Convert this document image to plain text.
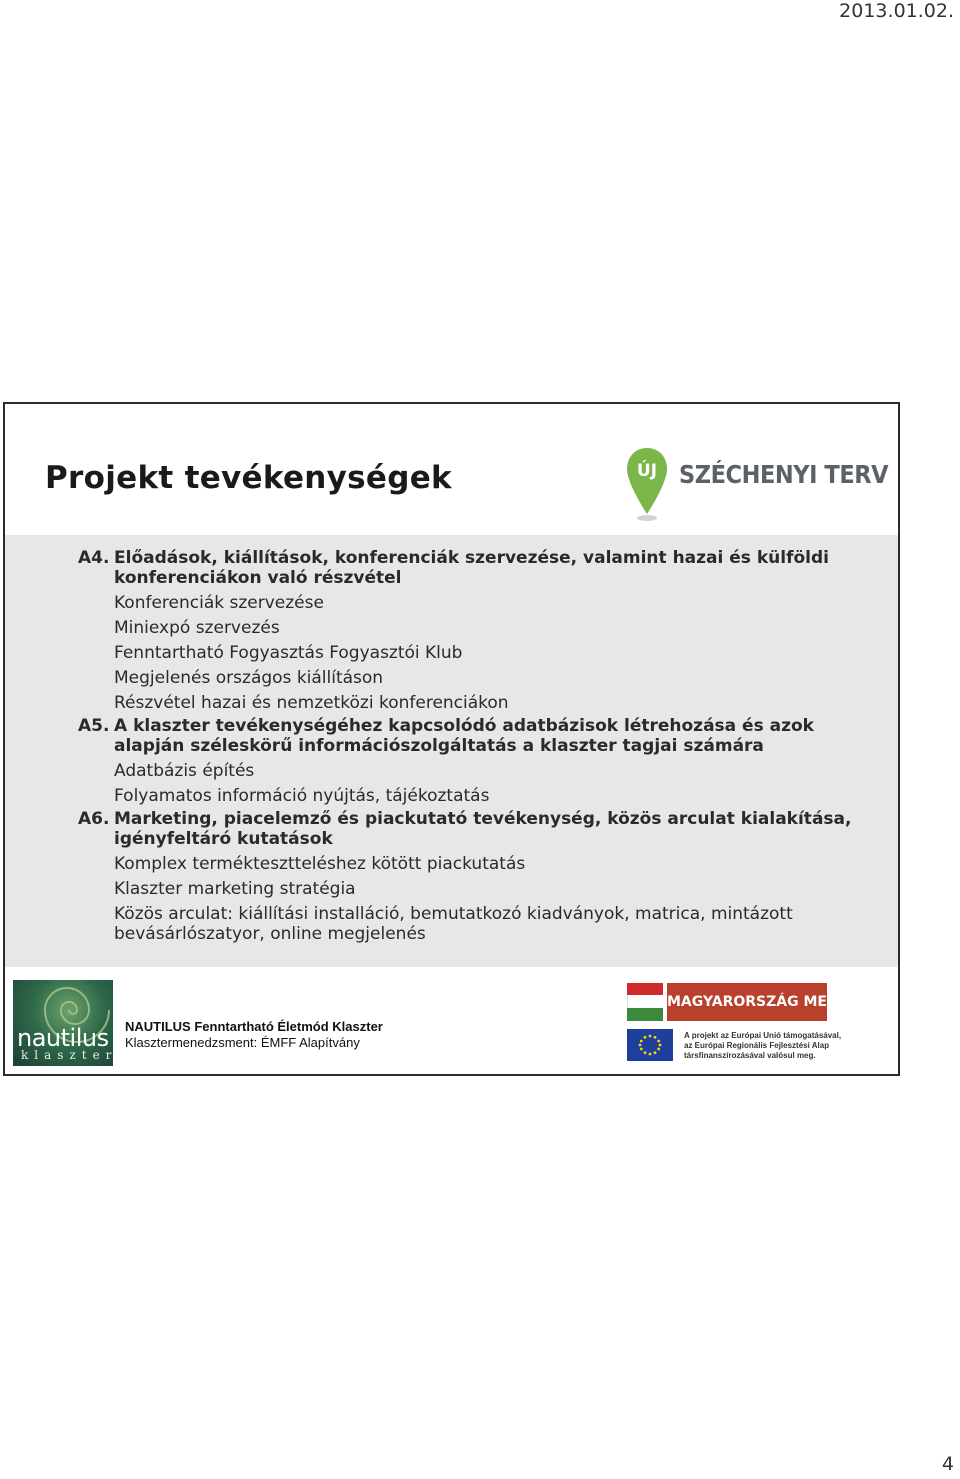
2013.01.02.
Projekt tevékenységek	ÚJ SZÉCHENYI TERV
A4. Előadások, kiállítások, konferenciák szervezése, valamint hazai és külföldi konferenciákon való részvétel
Konferenciák szervezése
Miniexpó szervezés
Fenntartható Fogyasztás Fogyasztói Klub
Megjelenés országos kiállításon
Részvétel hazai és nemzetközi konferenciákon
A5. A klaszter tevékenységéhez kapcsolódó adatbázisok létrehozása és azok alapján széleskörű információszolgáltatás a klaszter tagjai számára
Adatbázis építés
Folyamatos információ nyújtás, tájékoztatás
A6. Marketing, piacelemző és piackutató tevékenység, közös arculat kialakítása, igényfeltáró kutatások
Komplex terméktesztteléshez kötött piackutatás
Klaszter marketing stratégia
Közös arculat: kiállítási installáció, bemutatkozó kiadványok, matrica, mintázott bevásárlószatyor, online megjelenés
nautilus
klaszter
NAUTILUS Fenntartható Életmód Klaszter
Klasztermenedzsment: ÉMFF Alapítvány
MAGYARORSZÁG MEGÚJUL
A projekt az Európai Unió támogatásával,
az Európai Regionális Fejlesztési Alap
társfinanszírozásával valósul meg.
4
